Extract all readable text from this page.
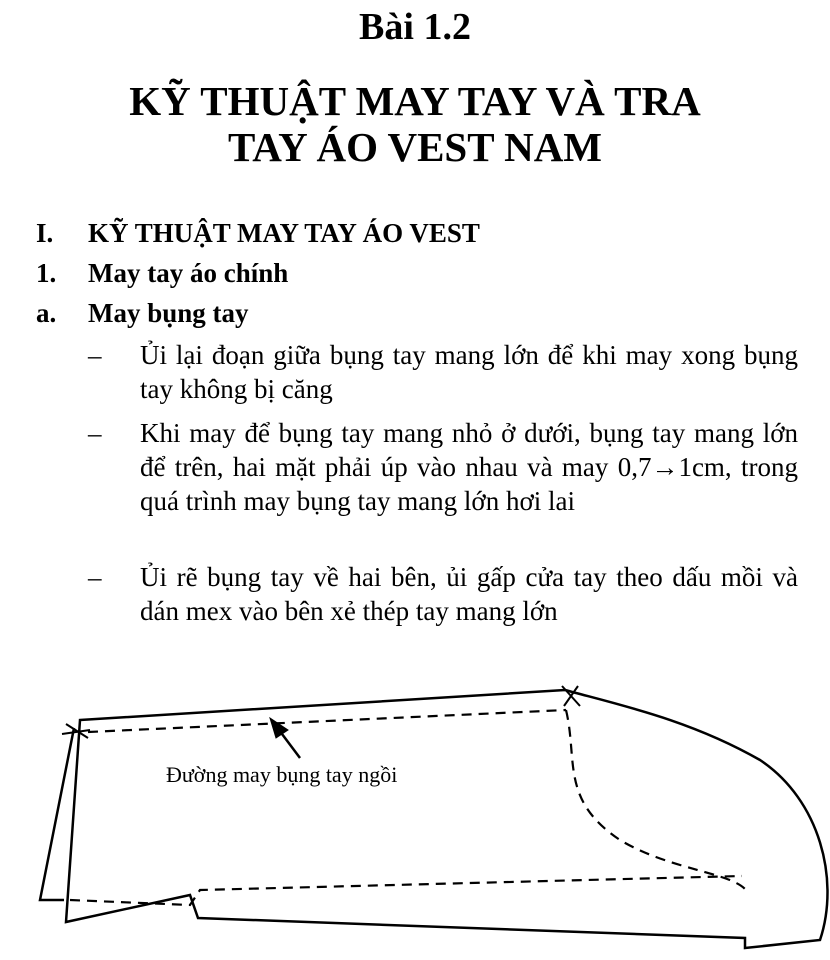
Bài 1.2
KỸ THUẬT MAY TAY VÀ TRA
TAY ÁO VEST NAM
I. KỸ THUẬT MAY TAY ÁO VEST
1. May tay áo chính
a. May bụng tay
– Ủi lại đoạn giữa bụng tay mang lớn để khi may xong bụng tay không bị căng
– Khi may để bụng tay mang nhỏ ở dưới, bụng tay mang lớn để trên, hai mặt phải úp vào nhau và may 0,7→1cm, trong quá trình may bụng tay mang lớn hơi lai
– Ủi rẽ bụng tay về hai bên, ủi gấp cửa tay theo dấu mồi và dán mex vào bên xẻ thép tay mang lớn
Đường may bụng tay ngồi
